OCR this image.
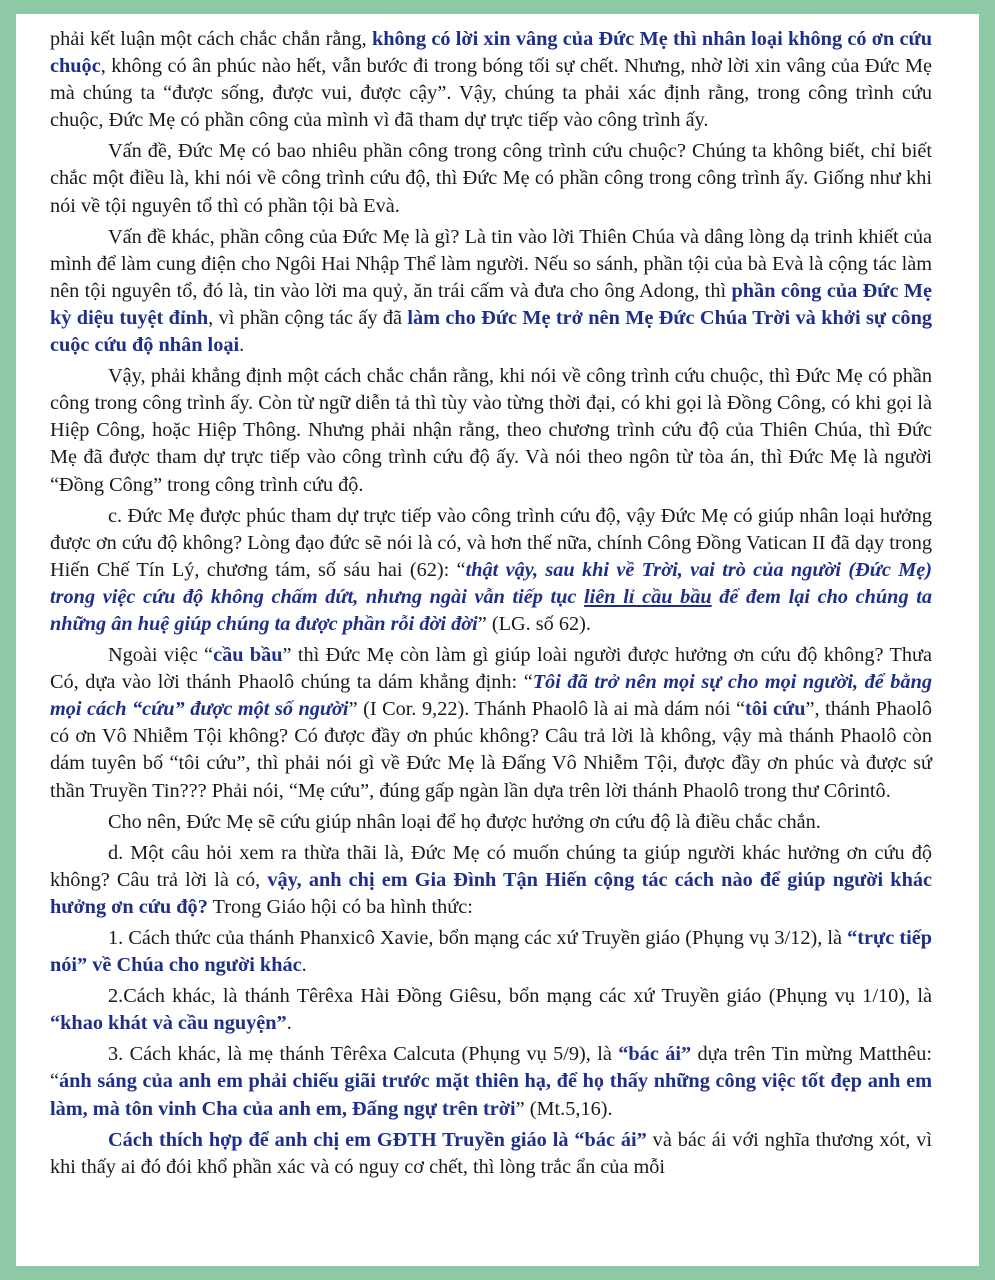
phải kết luận một cách chắc chắn rằng, không có lời xin vâng của Đức Mẹ thì nhân loại không có ơn cứu chuộc, không có ân phúc nào hết, vẫn bước đi trong bóng tối sự chết. Nhưng, nhờ lời xin vâng của Đức Mẹ mà chúng ta “được sống, được vui, được cậy”. Vậy, chúng ta phải xác định rằng, trong công trình cứu chuộc, Đức Mẹ có phần công của mình vì đã tham dự trực tiếp vào công trình ấy.

Vấn đề, Đức Mẹ có bao nhiêu phần công trong công trình cứu chuộc? Chúng ta không biết, chỉ biết chắc một điều là, khi nói về công trình cứu độ, thì Đức Mẹ có phần công trong công trình ấy. Giống như khi nói về tội nguyên tổ thì có phần tội bà Evà.

Vấn đề khác, phần công của Đức Mẹ là gì? Là tin vào lời Thiên Chúa và dâng lòng dạ trinh khiết của mình để làm cung điện cho Ngôi Hai Nhập Thể làm người. Nếu so sánh, phần tội của bà Evà là cộng tác làm nên tội nguyên tổ, đó là, tin vào lời ma quỷ, ăn trái cấm và đưa cho ông Adong, thì phần công của Đức Mẹ kỳ diệu tuyệt đỉnh, vì phần cộng tác ấy đã làm cho Đức Mẹ trở nên Mẹ Đức Chúa Trời và khởi sự công cuộc cứu độ nhân loại.

Vậy, phải khẳng định một cách chắc chắn rằng, khi nói về công trình cứu chuộc, thì Đức Mẹ có phần công trong công trình ấy. Còn từ ngữ diễn tả thì tùy vào từng thời đại, có khi gọi là Đồng Công, có khi gọi là Hiệp Công, hoặc Hiệp Thông. Nhưng phải nhận rằng, theo chương trình cứu độ của Thiên Chúa, thì Đức Mẹ đã được tham dự trực tiếp vào công trình cứu độ ấy. Và nói theo ngôn từ tòa án, thì Đức Mẹ là người “Đồng Công” trong công trình cứu độ.

c. Đức Mẹ được phúc tham dự trực tiếp vào công trình cứu độ, vậy Đức Mẹ có giúp nhân loại hưởng được ơn cứu độ không? Lòng đạo đức sẽ nói là có, và hơn thế nữa, chính Công Đồng Vatican II đã dạy trong Hiến Chế Tín Lý, chương tám, số sáu hai (62): “thật vậy, sau khi về Trời, vai trò của người (Đức Mẹ) trong việc cứu độ không chấm dứt, nhưng ngài vẫn tiếp tục liên lỉ cầu bầu để đem lại cho chúng ta những ân huệ giúp chúng ta được phần rỗi đời đời” (LG. số 62).

Ngoài việc “cầu bầu” thì Đức Mẹ còn làm gì giúp loài người được hưởng ơn cứu độ không? Thưa Có, dựa vào lời thánh Phaolô chúng ta dám khẳng định: “Tôi đã trở nên mọi sự cho mọi người, để bằng mọi cách “cứu” được một số người” (I Cor. 9,22). Thánh Phaolô là ai mà dám nói “tôi cứu”, thánh Phaolô có ơn Vô Nhiễm Tội không? Có được đầy ơn phúc không? Câu trả lời là không, vậy mà thánh Phaolô còn dám tuyên bố “tôi cứu”, thì phải nói gì về Đức Mẹ là Đấng Vô Nhiễm Tội, được đầy ơn phúc và được sứ thần Truyền Tin??? Phải nói, “Mẹ cứu”, đúng gấp ngàn lần dựa trên lời thánh Phaolô trong thư Côrintô.

Cho nên, Đức Mẹ sẽ cứu giúp nhân loại để họ được hưởng ơn cứu độ là điều chắc chắn.

d. Một câu hỏi xem ra thừa thãi là, Đức Mẹ có muốn chúng ta giúp người khác hưởng ơn cứu độ không? Câu trả lời là có, vậy, anh chị em Gia Đình Tận Hiến cộng tác cách nào để giúp người khác hưởng ơn cứu độ? Trong Giáo hội có ba hình thức:

1. Cách thức của thánh Phanxicô Xavie, bổn mạng các xứ Truyền giáo (Phụng vụ 3/12), là “trực tiếp nói” về Chúa cho người khác.

2.Cách khác, là thánh Têrêxa Hài Đồng Giêsu, bổn mạng các xứ Truyền giáo (Phụng vụ 1/10), là “khao khát và cầu nguyện”.

3. Cách khác, là mẹ thánh Têrêxa Calcuta (Phụng vụ 5/9), là “bác ái” dựa trên Tin mừng Matthêu: “ánh sáng của anh em phải chiếu giãi trước mặt thiên hạ, để họ thấy những công việc tốt đẹp anh em làm, mà tôn vinh Cha của anh em, Đấng ngự trên trời” (Mt.5,16).

Cách thích hợp để anh chị em GĐTH Truyền giáo là “bác ái” và bác ái với nghĩa thương xót, vì khi thấy ai đó đói khổ phần xác và có nguy cơ chết, thì lòng trắc ẩn của mỗi
